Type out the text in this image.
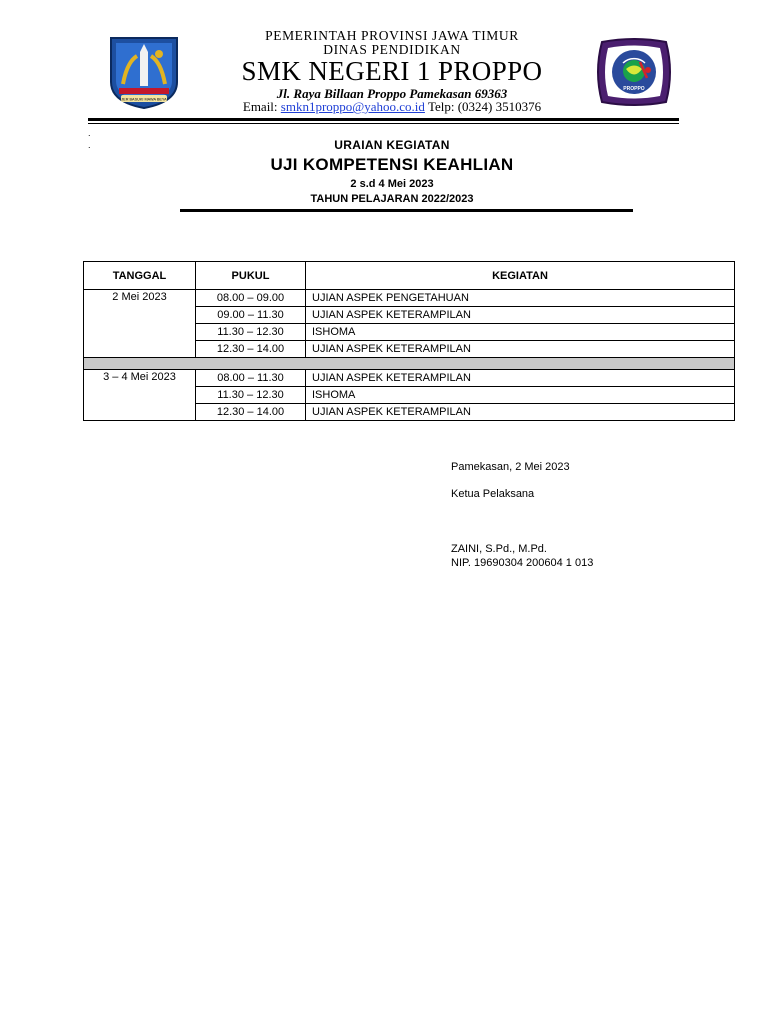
PEMERINTAH PROVINSI JAWA TIMUR
DINAS PENDIDIKAN
SMK NEGERI 1 PROPPO
Jl. Raya Billaan Proppo Pamekasan 69363
Email: smkn1proppo@yahoo.co.id Telp: (0324) 3510376
JER BASUKI MAWA BEYA
PROPPO
.
.	URAIAN KEGIATAN
UJI KOMPETENSI KEAHLIAN
2 s.d 4 Mei 2023
TAHUN PELAJARAN 2022/2023
TANGGAL	PUKUL	KEGIATAN
2 Mei 2023	08.00 – 09.00	UJIAN ASPEK PENGETAHUAN
	09.00 – 11.30	UJIAN ASPEK KETERAMPILAN
	11.30 – 12.30	ISHOMA
	12.30 – 14.00	UJIAN ASPEK KETERAMPILAN

3 – 4 Mei 2023	08.00 – 11.30	UJIAN ASPEK KETERAMPILAN
	11.30 – 12.30	ISHOMA
	12.30 – 14.00	UJIAN ASPEK KETERAMPILAN
Pamekasan, 2 Mei 2023
Ketua Pelaksana
ZAINI, S.Pd., M.Pd.
NIP. 19690304 200604 1 013
